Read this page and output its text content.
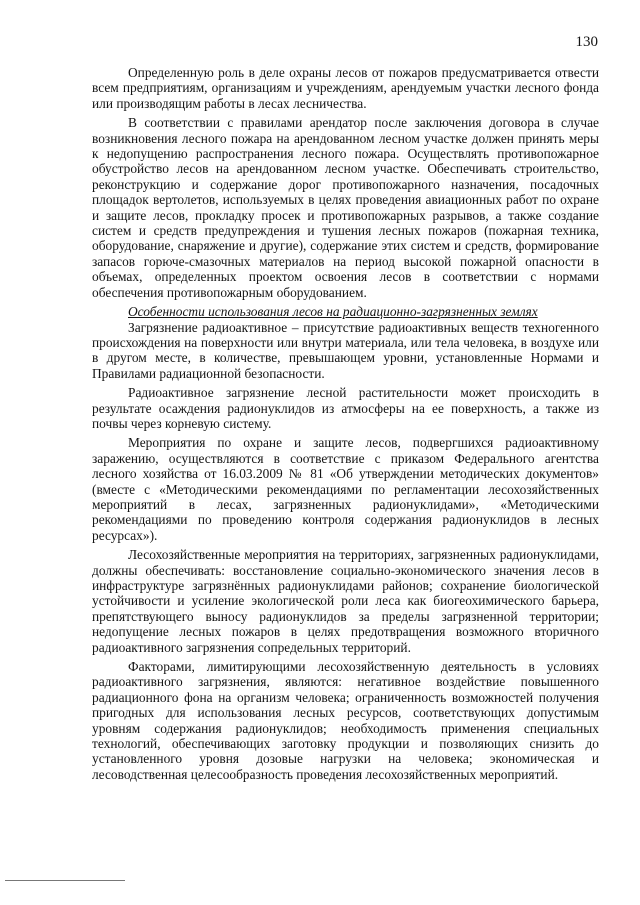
130

Определенную роль в деле охраны лесов от пожаров предусматривается отвести всем предприятиям, организациям и учреждениям, арендуемым участки лесного фонда или производящим работы в лесах лесничества.

В соответствии с правилами арендатор после заключения договора в случае возникновения лесного пожара на арендованном лесном участке должен принять меры к недопущению распространения лесного пожара. Осуществлять противопожарное обустройство лесов на арендованном лесном участке. Обеспечивать строительство, реконструкцию и содержание дорог противопожарного назначения, посадочных площадок вертолетов, используемых в целях проведения авиационных работ по охране и защите лесов, прокладку просек и противопожарных разрывов, а также создание систем и средств предупреждения и тушения лесных пожаров (пожарная техника, оборудование, снаряжение и другие), содержание этих систем и средств, формирование запасов горюче-смазочных материалов на период высокой пожарной опасности в объемах, определенных проектом освоения лесов в соответствии с нормами обеспечения противопожарным оборудованием.

Особенности использования лесов на радиационно-загрязненных землях

Загрязнение радиоактивное – присутствие радиоактивных веществ техногенного происхождения на поверхности или внутри материала, или тела человека, в воздухе или в другом месте, в количестве, превышающем уровни, установленные Нормами и Правилами радиационной безопасности.

Радиоактивное загрязнение лесной растительности может происходить в результате осаждения радионуклидов из атмосферы на ее поверхность, а также из почвы через корневую систему.

Мероприятия по охране и защите лесов, подвергшихся радиоактивному заражению, осуществляются в соответствие с приказом Федерального агентства лесного хозяйства от 16.03.2009 № 81 «Об утверждении методических документов» (вместе с «Методическими рекомендациями по регламентации лесохозяйственных мероприятий в лесах, загрязненных радионуклидами», «Методическими рекомендациями по проведению контроля содержания радионуклидов в лесных ресурсах»).

Лесохозяйственные мероприятия на территориях, загрязненных радионуклидами, должны обеспечивать: восстановление социально-экономического значения лесов в инфраструктуре загрязнённых радионуклидами районов; сохранение биологической устойчивости и усиление экологической роли леса как биогеохимического барьера, препятствующего выносу радионуклидов за пределы загрязненной территории; недопущение лесных пожаров в целях предотвращения возможного вторичного радиоактивного загрязнения сопредельных территорий.

Факторами, лимитирующими лесохозяйственную деятельность в условиях радиоактивного загрязнения, являются: негативное воздействие повышенного радиационного фона на организм человека; ограниченность возможностей получения пригодных для использования лесных ресурсов, соответствующих допустимым уровням содержания радионуклидов; необходимость применения специальных технологий, обеспечивающих заготовку продукции и позволяющих снизить до установленного уровня дозовые нагрузки на человека; экономическая и лесоводственная целесообразность проведения лесохозяйственных мероприятий.
